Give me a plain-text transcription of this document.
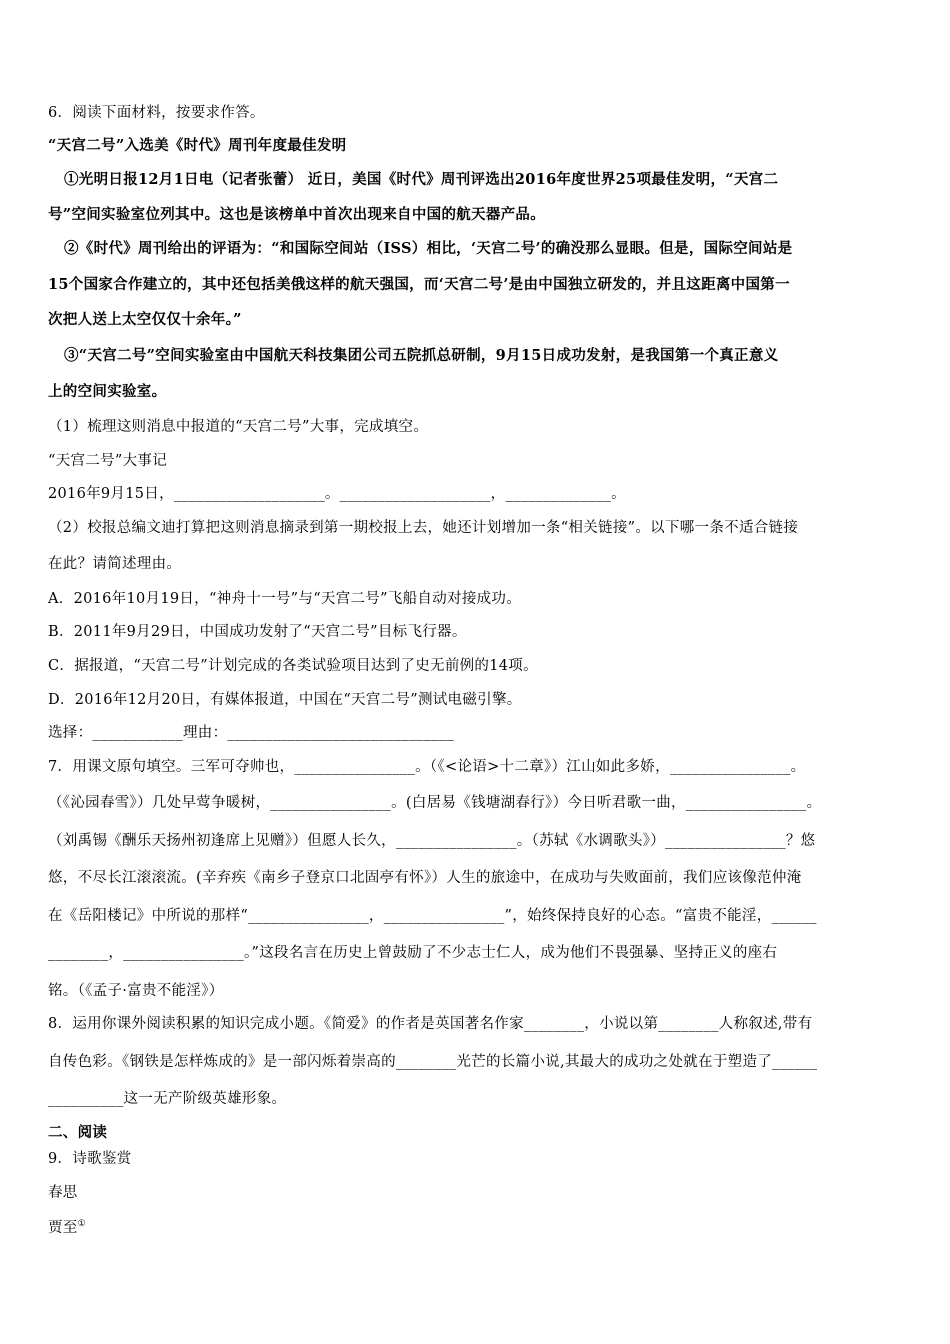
6．阅读下面材料，按要求作答。
“天宫二号”入选美《时代》周刊年度最佳发明
①光明日报12月1日电（记者张蕾） 近日，美国《时代》周刊评选出2016年度世界25项最佳发明，“天宫二
号”空间实验室位列其中。这也是该榜单中首次出现来自中国的航天器产品。
②《时代》周刊给出的评语为：“和国际空间站（ISS）相比，‘天宫二号’的确没那么显眼。但是，国际空间站是
15个国家合作建立的，其中还包括美俄这样的航天强国，而‘天宫二号’是由中国独立研发的，并且这距离中国第一
次把人送上太空仅仅十余年。”
③“天宫二号”空间实验室由中国航天科技集团公司五院抓总研制，9月15日成功发射，是我国第一个真正意义
上的空间实验室。
（1）梳理这则消息中报道的“天宫二号”大事，完成填空。
“天宫二号”大事记
2016年9月15日，____________________。____________________，______________。
（2）校报总编文迪打算把这则消息摘录到第一期校报上去，她还计划增加一条“相关链接”。以下哪一条不适合链接
在此？请简述理由。
A．2016年10月19日，“神舟十一号”与“天宫二号”飞船自动对接成功。
B．2011年9月29日，中国成功发射了“天宫二号”目标飞行器。
C．据报道，“天宫二号”计划完成的各类试验项目达到了史无前例的14项。
D．2016年12月20日，有媒体报道，中国在“天宫二号”测试电磁引擎。
选择：____________理由：______________________________
7．用课文原句填空。三军可夺帅也，________________。（《<论语>十二章》）江山如此多娇，________________。
（《沁园春雪》）几处早莺争暖树，________________。(白居易《钱塘湖春行》）今日听君歌一曲，________________。
（刘禹锡《酬乐天扬州初逢席上见赠》）但愿人长久，________________。（苏轼《水调歌头》）________________？悠
悠，不尽长江滚滚流。(辛弃疾《南乡子登京口北固亭有怀》）人生的旅途中，在成功与失败面前，我们应该像范仲淹
在《岳阳楼记》中所说的那样“________________，________________”，始终保持良好的心态。“富贵不能淫，______
________，________________。”这段名言在历史上曾鼓励了不少志士仁人，成为他们不畏强暴、坚持正义的座右
铭。（《孟子·富贵不能淫》）
8．运用你课外阅读积累的知识完成小题。《简爱》的作者是英国著名作家________，小说以第________人称叙述,带有
自传色彩。《钢铁是怎样炼成的》是一部闪烁着崇高的________光芒的长篇小说,其最大的成功之处就在于塑造了______
__________这一无产阶级英雄形象。
二、阅读
9．诗歌鉴赏
春思
贾至①
